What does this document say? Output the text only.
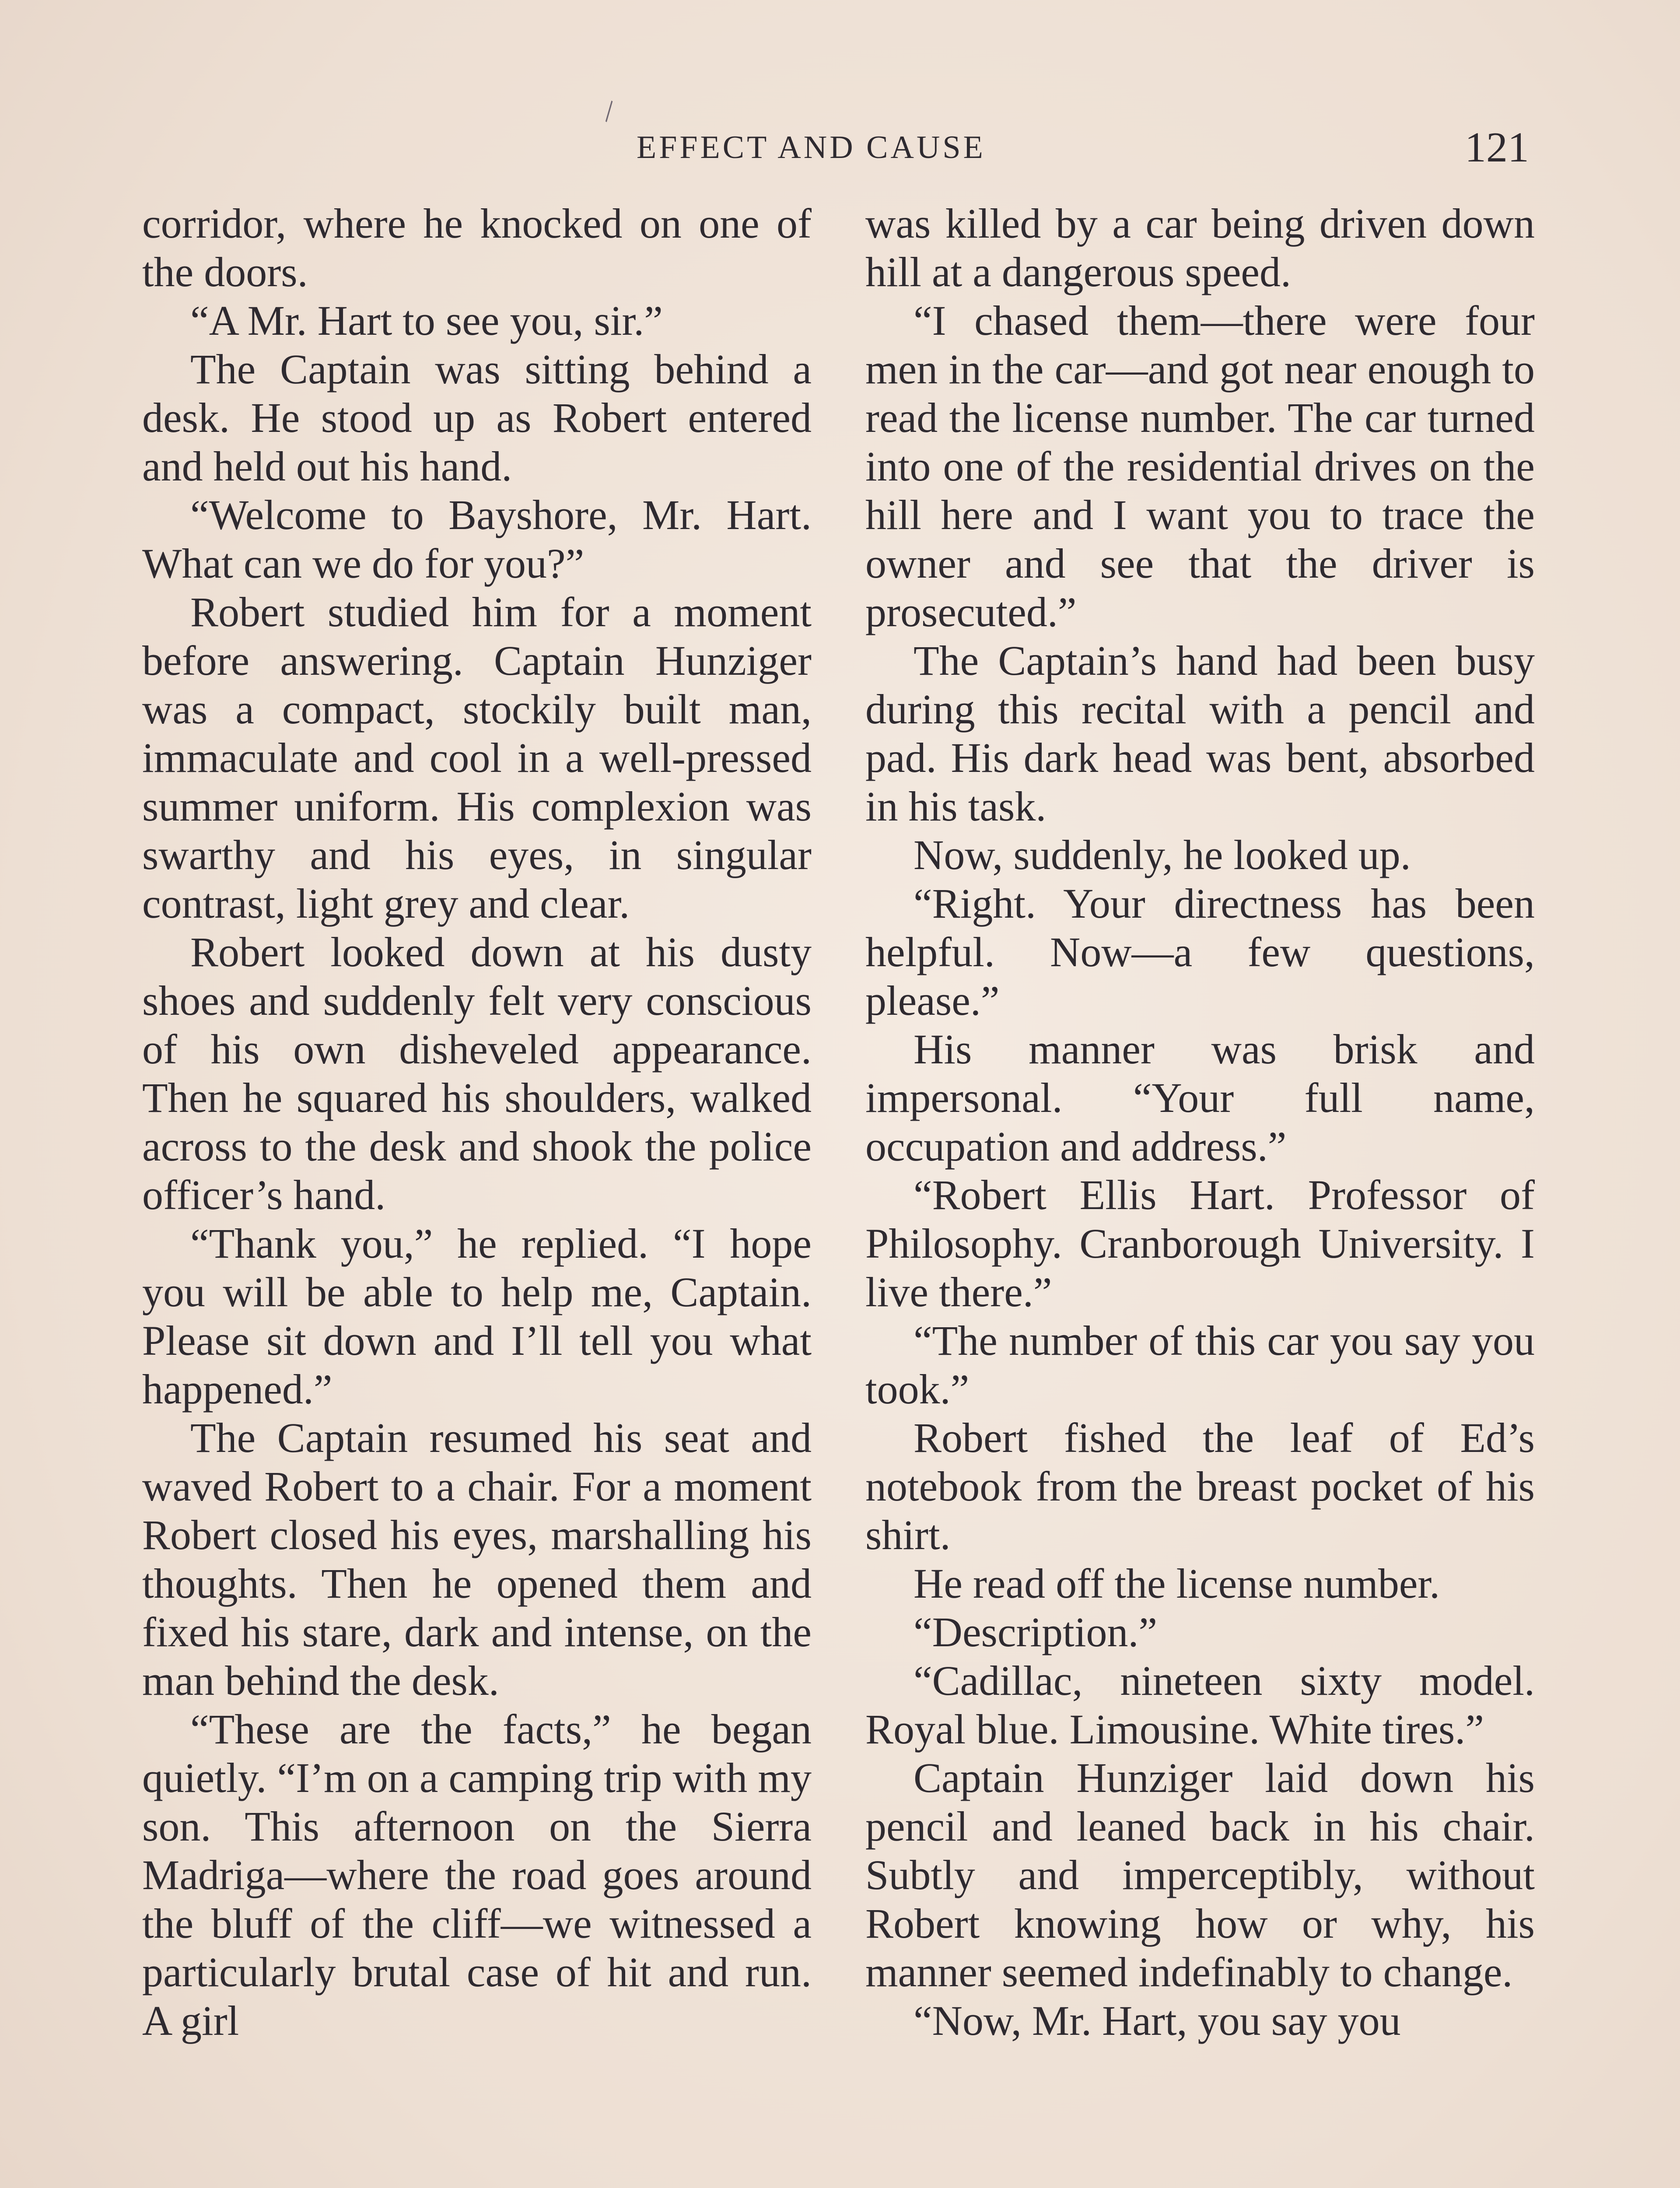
\
EFFECT AND CAUSE	121

corridor, where he knocked on one of the doors.

“A Mr. Hart to see you, sir.”

The Captain was sitting behind a desk. He stood up as Robert entered and held out his hand.

“Welcome to Bayshore, Mr. Hart. What can we do for you?”

Robert studied him for a moment before answering. Captain Hunziger was a compact, stockily built man, immaculate and cool in a well-pressed summer uniform. His complexion was swarthy and his eyes, in singular contrast, light grey and clear.

Robert looked down at his dusty shoes and suddenly felt very conscious of his own disheveled appearance. Then he squared his shoulders, walked across to the desk and shook the police officer’s hand.

“Thank you,” he replied. “I hope you will be able to help me, Captain. Please sit down and I’ll tell you what happened.”

The Captain resumed his seat and waved Robert to a chair. For a moment Robert closed his eyes, marshalling his thoughts. Then he opened them and fixed his stare, dark and intense, on the man behind the desk.

“These are the facts,” he began quietly. “I’m on a camping trip with my son. This afternoon on the Sierra Madriga—where the road goes around the bluff of the cliff—we witnessed a particularly brutal case of hit and run. A girl

was killed by a car being driven down hill at a dangerous speed.

“I chased them—there were four men in the car—and got near enough to read the license number. The car turned into one of the residential drives on the hill here and I want you to trace the owner and see that the driver is prosecuted.”

The Captain’s hand had been busy during this recital with a pencil and pad. His dark head was bent, absorbed in his task.

Now, suddenly, he looked up.

“Right. Your directness has been helpful. Now—a few questions, please.”

His manner was brisk and impersonal. “Your full name, occupation and address.”

“Robert Ellis Hart. Professor of Philosophy. Cranborough University. I live there.”

“The number of this car you say you took.”

Robert fished the leaf of Ed’s notebook from the breast pocket of his shirt.

He read off the license number.

“Description.”

“Cadillac, nineteen sixty model. Royal blue. Limousine. White tires.”

Captain Hunziger laid down his pencil and leaned back in his chair. Subtly and imperceptibly, without Robert knowing how or why, his manner seemed indefinably to change.

“Now, Mr. Hart, you say you
